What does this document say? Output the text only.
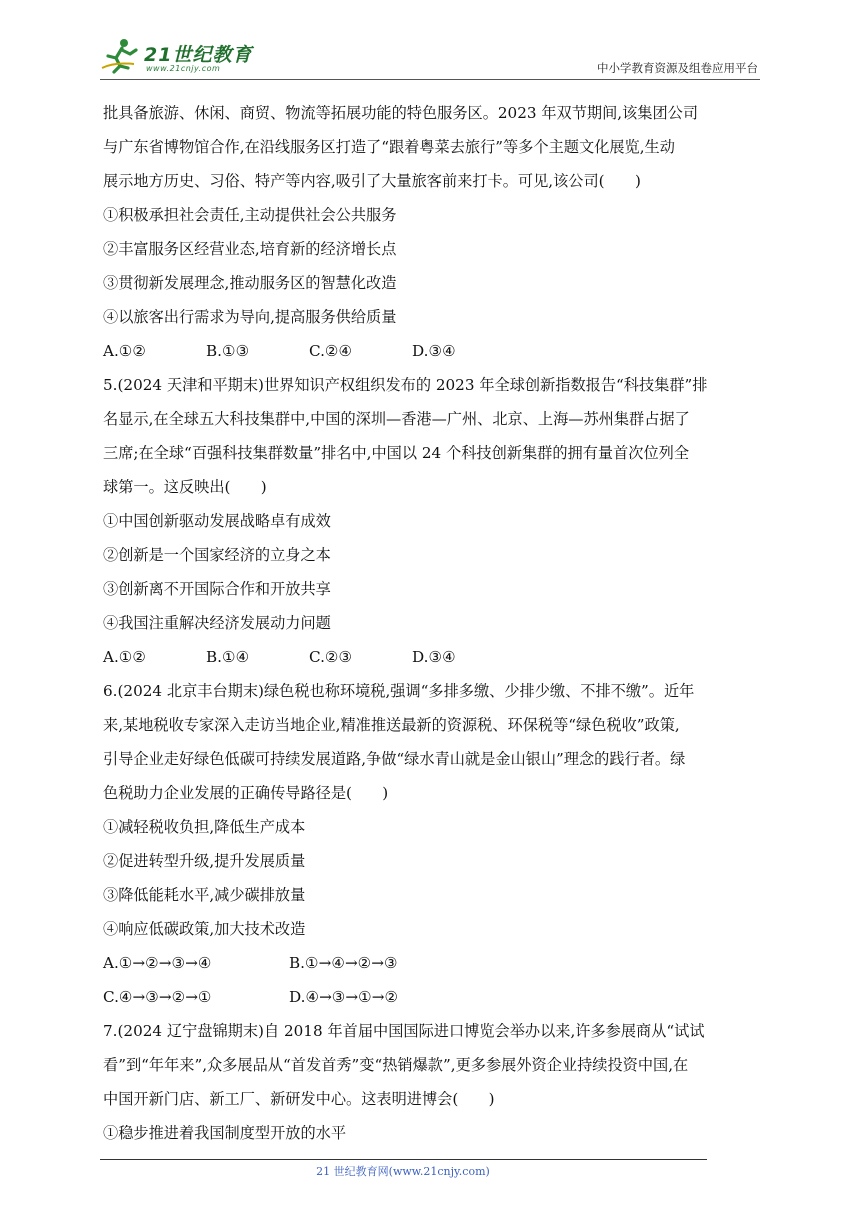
21世纪教育
www.21cnjy.com	中小学教育资源及组卷应用平台
批具备旅游、休闲、商贸、物流等拓展功能的特色服务区。2023 年双节期间,该集团公司
与广东省博物馆合作,在沿线服务区打造了“跟着粤菜去旅行”等多个主题文化展览,生动
展示地方历史、习俗、特产等内容,吸引了大量旅客前来打卡。可见,该公司(　　)
①积极承担社会责任,主动提供社会公共服务
②丰富服务区经营业态,培育新的经济增长点
③贯彻新发展理念,推动服务区的智慧化改造
④以旅客出行需求为导向,提高服务供给质量
A.①②	B.①③	C.②④	D.③④
5.(2024 天津和平期末)世界知识产权组织发布的 2023 年全球创新指数报告“科技集群”排
名显示,在全球五大科技集群中,中国的深圳—香港—广州、北京、上海—苏州集群占据了
三席;在全球“百强科技集群数量”排名中,中国以 24 个科技创新集群的拥有量首次位列全
球第一。这反映出(　　)
①中国创新驱动发展战略卓有成效
②创新是一个国家经济的立身之本
③创新离不开国际合作和开放共享
④我国注重解决经济发展动力问题
A.①②	B.①④	C.②③	D.③④
6.(2024 北京丰台期末)绿色税也称环境税,强调“多排多缴、少排少缴、不排不缴”。近年
来,某地税收专家深入走访当地企业,精准推送最新的资源税、环保税等“绿色税收”政策,
引导企业走好绿色低碳可持续发展道路,争做“绿水青山就是金山银山”理念的践行者。绿
色税助力企业发展的正确传导路径是(　　)
①减轻税收负担,降低生产成本
②促进转型升级,提升发展质量
③降低能耗水平,减少碳排放量
④响应低碳政策,加大技术改造
A.①→②→③→④	B.①→④→②→③
C.④→③→②→①	D.④→③→①→②
7.(2024 辽宁盘锦期末)自 2018 年首届中国国际进口博览会举办以来,许多参展商从“试试
看”到“年年来”,众多展品从“首发首秀”变“热销爆款”,更多参展外资企业持续投资中国,在
中国开新门店、新工厂、新研发中心。这表明进博会(　　)
①稳步推进着我国制度型开放的水平
21 世纪教育网(www.21cnjy.com)
